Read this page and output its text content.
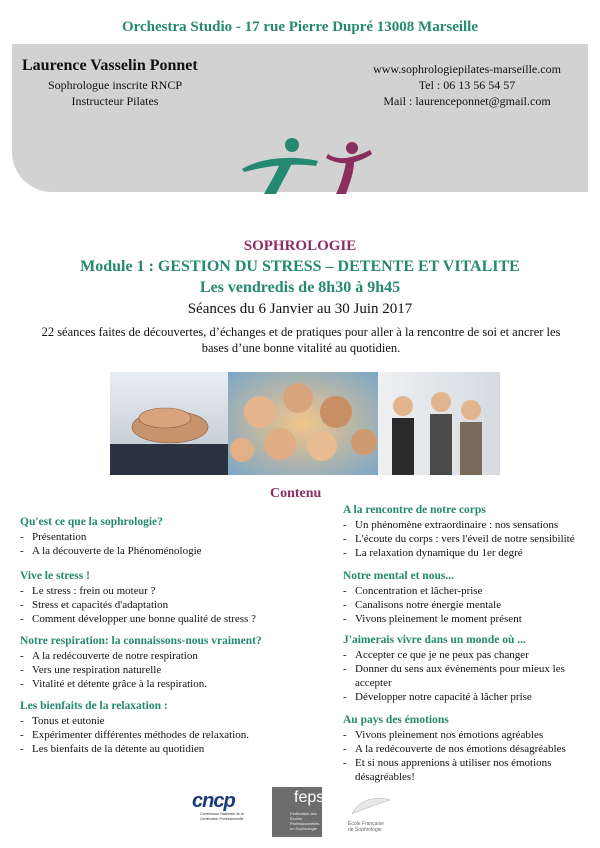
Orchestra Studio - 17 rue Pierre Dupré 13008 Marseille
Laurence Vasselin Ponnet
Sophrologue inscrite RNCP
Instructeur Pilates
www.sophrologiepilates-marseille.com
Tel : 06 13 56 54 57
Mail : laurenceponnet@gmail.com
SOPHROLOGIE
Module 1 : GESTION DU STRESS – DETENTE ET VITALITE
Les vendredis de 8h30 à 9h45
Séances du 6 Janvier au 30 Juin 2017
22 séances faites de découvertes, d’échanges et de pratiques pour aller à la rencontre de soi et ancrer les bases d’une bonne vitalité au quotidien.
Contenu
Qu'est ce que la sophrologie?
- Présentation
- A la découverte de la Phénoménologie
Vive le stress !
- Le stress : frein ou moteur ?
- Stress et capacités d'adaptation
- Comment développer une bonne qualité de stress ?
Notre respiration: la connaissons-nous vraiment?
- A la redécouverte de notre respiration
- Vers une respiration naturelle
- Vitalité et détente grâce à la respiration.
Les bienfaits de la relaxation :
- Tonus et eutonie
- Expérimenter différentes méthodes de relaxation.
- Les bienfaits de la détente au quotidien
A la rencontre de notre corps
- Un phénomène extraordinaire : nos sensations
- L'écoute du corps : vers l'éveil de notre sensibilité
- La relaxation dynamique du 1er degré
Notre mental et nous...
- Concentration et lâcher-prise
- Canalisons notre énergie mentale
- Vivons pleinement le moment présent
J'aimerais vivre dans un monde où ...
- Accepter ce que je ne peux pas changer
- Donner du sens aux évènements pour mieux les accepter
- Développer notre capacité à lâcher prise
Au pays des émotions
- Vivons pleinement nos émotions agréables
- A la redécouverte de nos émotions désagréables
- Et si nous apprenions à utiliser nos émotions désagréables!
cncp
Commission Nationale de la Certification Professionnelle
feps
Fédération des Écoles Professionnelles en Sophrologie
École Française de Sophrologie
